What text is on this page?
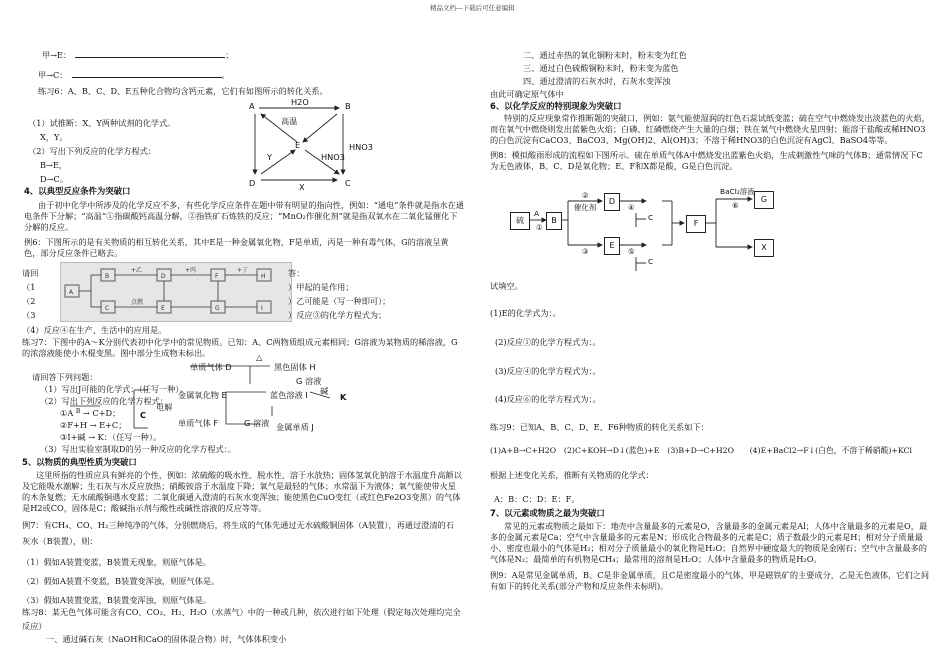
精品文档---下载后可任意编辑
甲→E：	；
甲→C：	。
练习6：A、B、C、D、E五种化合物均含钙元素，它们有如图所示的转化关系。
A	B
E
D	C
H2O
高温
HNO3
Y	HNO3
X
（1）试推断：X、Y两种试剂的化学式。
X，Y。
（2）写出下列反应的化学方程式：
B→E，
D→C。
4、以典型反应条件为突破口
由于初中化学中所涉及的化学反应不多，有些化学反应条件在题中带有明显的指向性，例如：“通电”条件就是指水在通电条件下分解；“高温”①指碳酸钙高温分解，②指铁矿石炼铁的反应；“MnO₂作催化剂”就是指双氧水在二氧化锰催化下分解的反应。
例6：下图所示的是有关物质的相互转化关系，其中E是一种金属氧化物，F是单质，丙是一种有毒气体，G的溶液呈黄色，部分反应条件已略去。
A
B
C
D
E
F
G
H
I
+乙	+丙	+丁
点燃
请回	答：
（1	）甲起的是作用；
（2	）乙可能是（写一种即可）；
（3	）反应③的化学方程式为；
（4）反应④在生产、生活中的应用是。
练习7：下图中的A～K分别代表初中化学中的常见物质。已知：A、C两物质组成元素相同；G溶液为某物质的稀溶液，G的浓溶液能使小木棍变黑。图中部分生成物未标出。
单质气体 D	黑色固体 H
△
G 溶液
金属氧化物 E	蓝色溶液 I 碱
K
G 溶液 金属单质 J
单质气体 F
电解
请回答下列问题：
（1）写出J可能的化学式：（任写一种）。
（2）写出下列反应的化学方程式：
①A $^B$ → C+D； C
②F+H → E+C；
③I+碱 → K：（任写一种）。
（3）写出实验室制取D的另一种反应的化学方程式：。
5、以物质的典型性质为突破口
这里所指的性质应具有鲜亮的个性，例如：浓硫酸的吸水性、脱水性、溶于水放热；固体氢氧化钠溶于水温度升高额以及它能吸水潮解；生石灰与水反应放热；硝酸铵溶于水温度下降；氧气是最轻的气体；水常温下为液体；氧气能使带火星的木条复燃；无水硫酸铜遇水变蓝；二氧化碳通入澄清的石灰水变浑浊；能使黑色CuO变红（或红色Fe2O3变黑）的气体是H2或CO，固体是C；酸碱指示剂与酸性或碱性溶液的反应等等。
例7：有CH₄、CO、H₂三种纯净的气体，分别燃烧后，将生成的气体先通过无水硫酸铜固体（A装置），再通过澄清的石灰水（B装置），则：
（1）假如A装置变蓝，B装置无现象，则原气体是。
（2）假如A装置不变蓝，B装置变浑浊，则原气体是。
（3）假如A装置变蓝，B装置变浑浊，则原气体是。
练习8：某无色气体可能含有CO、CO₂、H₂、H₂O（水蒸气）中的一种或几种，依次进行如下处理（假定每次处理均完全反应）
一、通过碱石灰（NaOH和CaO的固体混合物）时，气体体积变小
二、通过赤热的氧化铜粉末时，粉末变为红色
三、通过白色硫酸铜粉末时，粉末变为蓝色
四、通过澄清的石灰水时，石灰水变浑浊
由此可确定原气体中
6、以化学反应的特别现象为突破口
特别的反应现象常作推断题的突破口，例如：氨气能使湿润的红色石蕊试纸变蓝；硫在空气中燃烧发出淡蓝色的火焰，而在氧气中燃烧则发出蓝紫色火焰；白磷、红磷燃烧产生大量的白烟；铁在氧气中燃烧火星四射；能溶于盐酸或稀HNO3的白色沉淀有CaCO3、BaCO3、Mg(OH)2、Al(OH)3；不溶于稀HNO3的白色沉淀有AgCl、BaSO4等等。
例8：模拟酸雨形成的流程如下图所示。硫在单质气体A中燃烧发出蓝紫色火焰，生成刺激性气味的气体B；通常情况下C为无色液体，B、C、D是氧化物；E、F和X都是酸，G是白色沉淀。
硫	B
D
E
F
G
X
A
催化剂
C
C
BaCl₂溶液
①
②
③
④
⑤
⑥
试填空。
(1)E的化学式为：。
(2)反应①的化学方程式为：。
(3)反应④的化学方程式为：。
(4)反应⑥的化学方程式为：。
练习9：已知A、B、C、D、E、F6种物质的转化关系如下：
(1)A+B→C+H2O　(2)C+KOH→D↓(蓝色)+E　(3)B+D→C+H2O　　(4)E+BaCl2→F↓(白色，不溶于稀硝酸)+KCl
根据上述变化关系，推断有关物质的化学式：
A：B：C：D：E：F。
7、以元素或物质之最为突破口
常见的元素或物质之最如下：地壳中含量最多的元素是O，含量最多的金属元素是Al；人体中含量最多的元素是O，最多的金属元素是Ca；空气中含量最多的元素是N；形成化合物最多的元素是C；质子数最少的元素是H；相对分子质量最小、密度也最小的气体是H₂；相对分子质量最小的氧化物是H₂O；自然界中硬度最大的物质是金刚石；空气中含量最多的气体是N₂；最简单的有机物是CH₄；最常用的溶剂是H₂O；人体中含量最多的物质是H₂O。
例9：A是常见金属单质，B、C是非金属单质，且C是密度最小的气体，甲是磁铁矿的主要成分，乙是无色液体，它们之间有如下的转化关系(部分产物和反应条件未标明)。
